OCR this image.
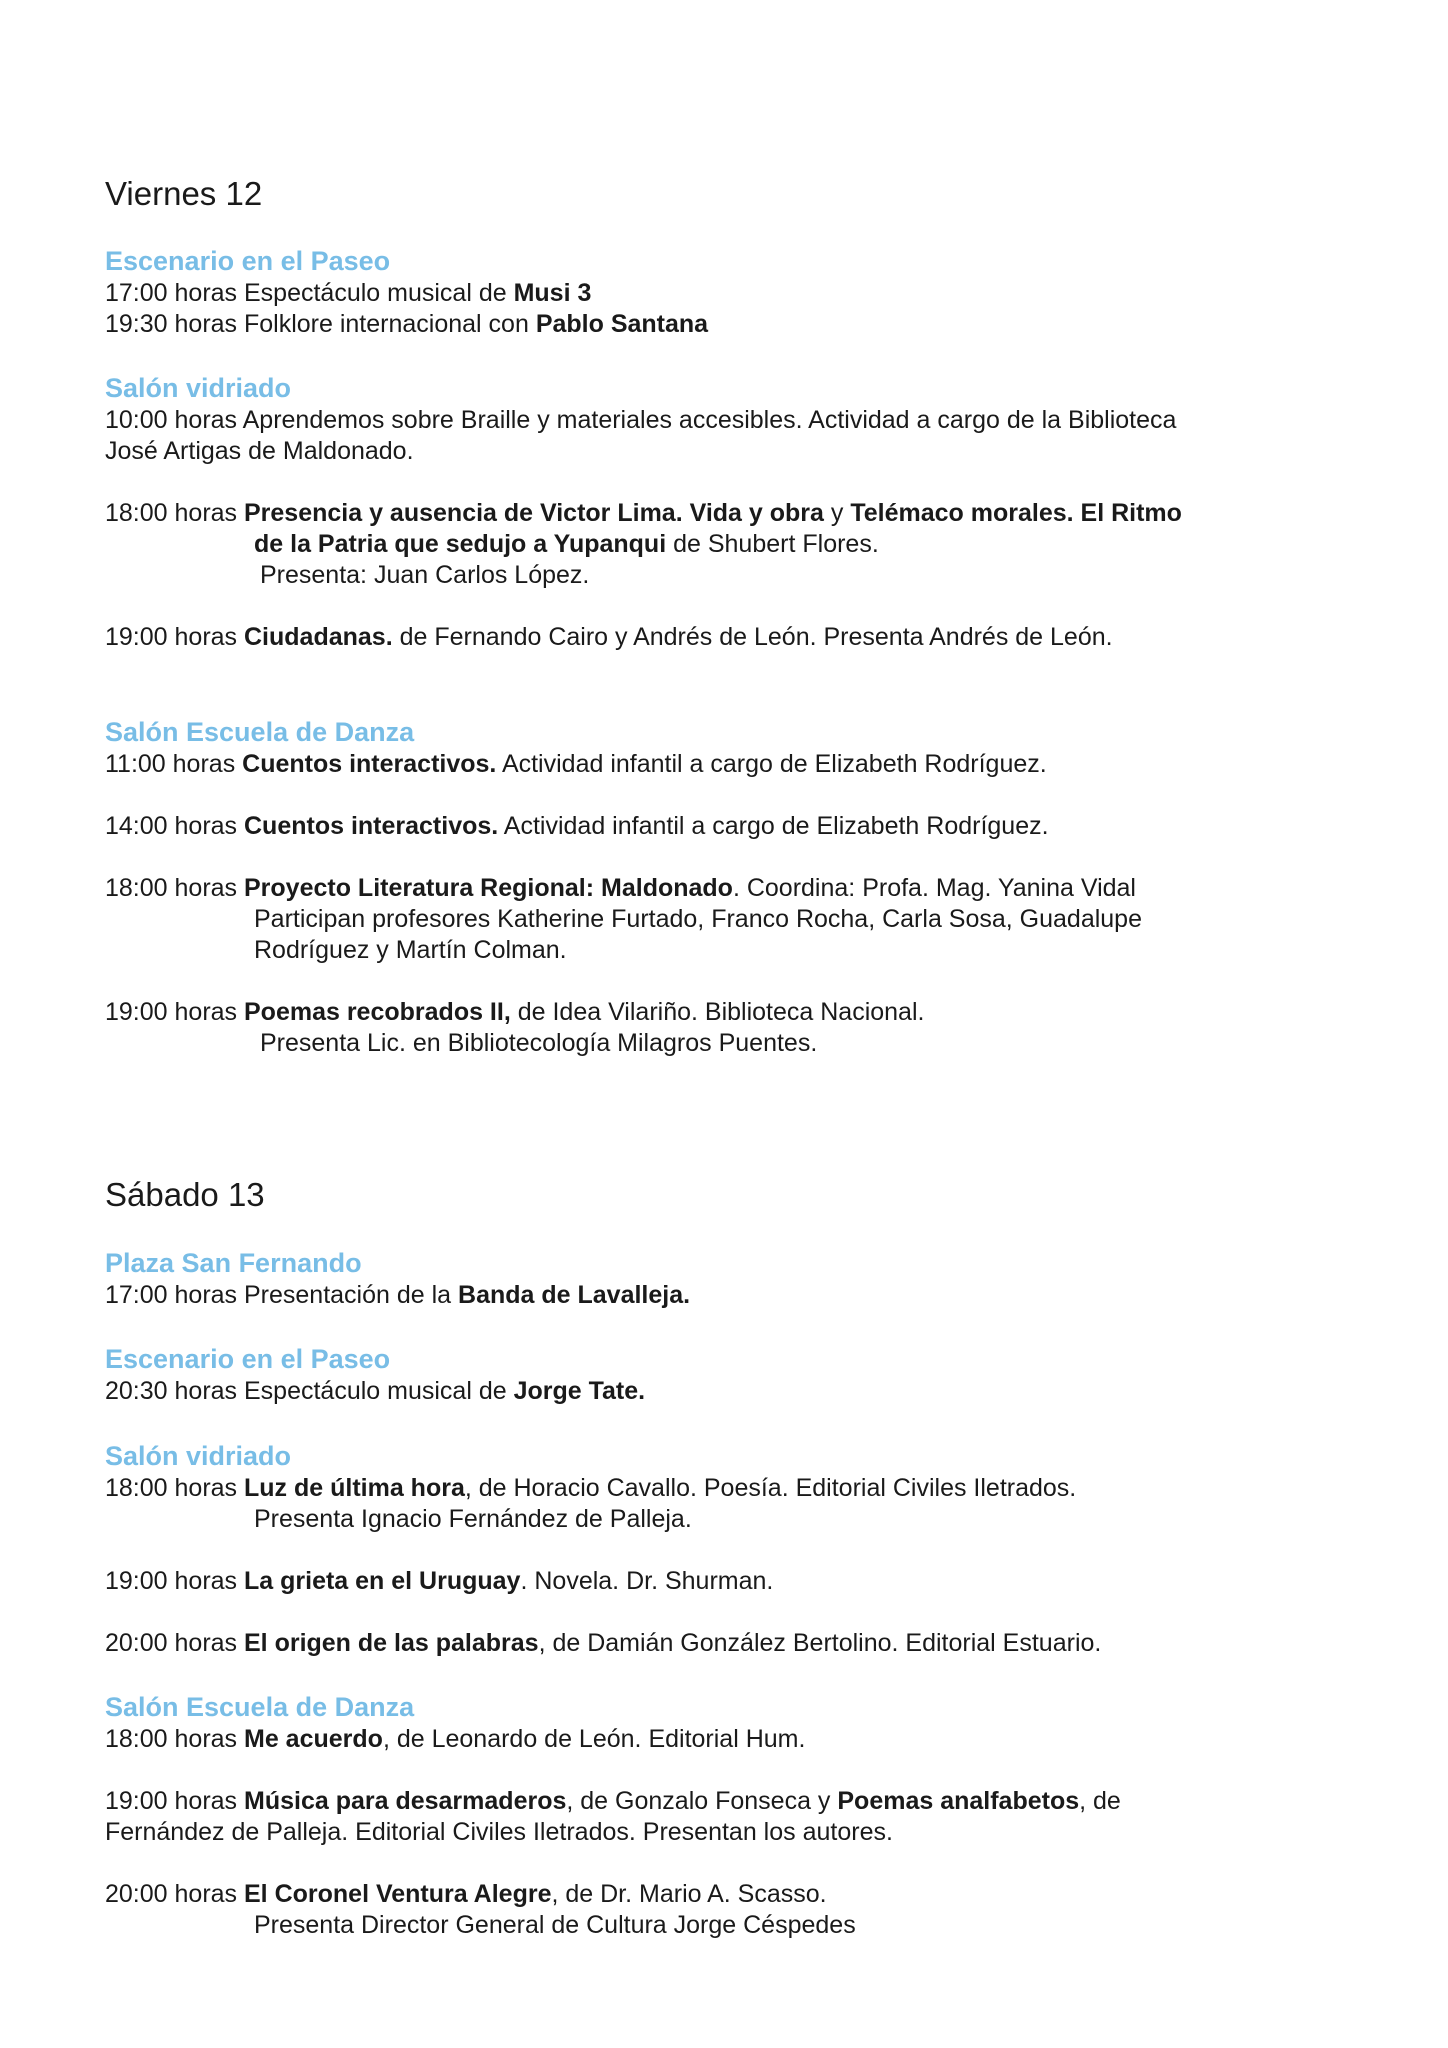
Viernes 12
Escenario en el Paseo
17:00 horas Espectáculo musical de Musi 3
19:30 horas Folklore internacional con Pablo Santana
Salón vidriado
10:00 horas Aprendemos sobre Braille y materiales accesibles. Actividad a cargo de la Biblioteca
José Artigas de Maldonado.
18:00 horas Presencia y ausencia de Victor Lima. Vida y obra y Telémaco morales. El Ritmo
de la Patria que sedujo a Yupanqui de Shubert Flores.
Presenta: Juan Carlos López.
19:00 horas Ciudadanas. de Fernando Cairo y Andrés de León. Presenta Andrés de León.
Salón Escuela de Danza
11:00 horas Cuentos interactivos. Actividad infantil a cargo de Elizabeth Rodríguez.
14:00 horas Cuentos interactivos. Actividad infantil a cargo de Elizabeth Rodríguez.
18:00 horas Proyecto Literatura Regional: Maldonado. Coordina: Profa. Mag. Yanina Vidal
Participan profesores Katherine Furtado, Franco Rocha, Carla Sosa, Guadalupe
Rodríguez y Martín Colman.
19:00 horas Poemas recobrados II, de Idea Vilariño. Biblioteca Nacional.
Presenta Lic. en Bibliotecología Milagros Puentes.
Sábado 13
Plaza San Fernando
17:00 horas Presentación de la Banda de Lavalleja.
Escenario en el Paseo
20:30 horas Espectáculo musical de Jorge Tate.
Salón vidriado
18:00 horas Luz de última hora, de Horacio Cavallo. Poesía. Editorial Civiles Iletrados.
Presenta Ignacio Fernández de Palleja.
19:00 horas La grieta en el Uruguay. Novela. Dr. Shurman.
20:00 horas El origen de las palabras, de Damián González Bertolino. Editorial Estuario.
Salón Escuela de Danza
18:00 horas Me acuerdo, de Leonardo de León. Editorial Hum.
19:00 horas Música para desarmaderos, de Gonzalo Fonseca y Poemas analfabetos, de
Fernández de Palleja. Editorial Civiles Iletrados. Presentan los autores.
20:00 horas El Coronel Ventura Alegre, de Dr. Mario A. Scasso.
Presenta Director General de Cultura Jorge Céspedes
